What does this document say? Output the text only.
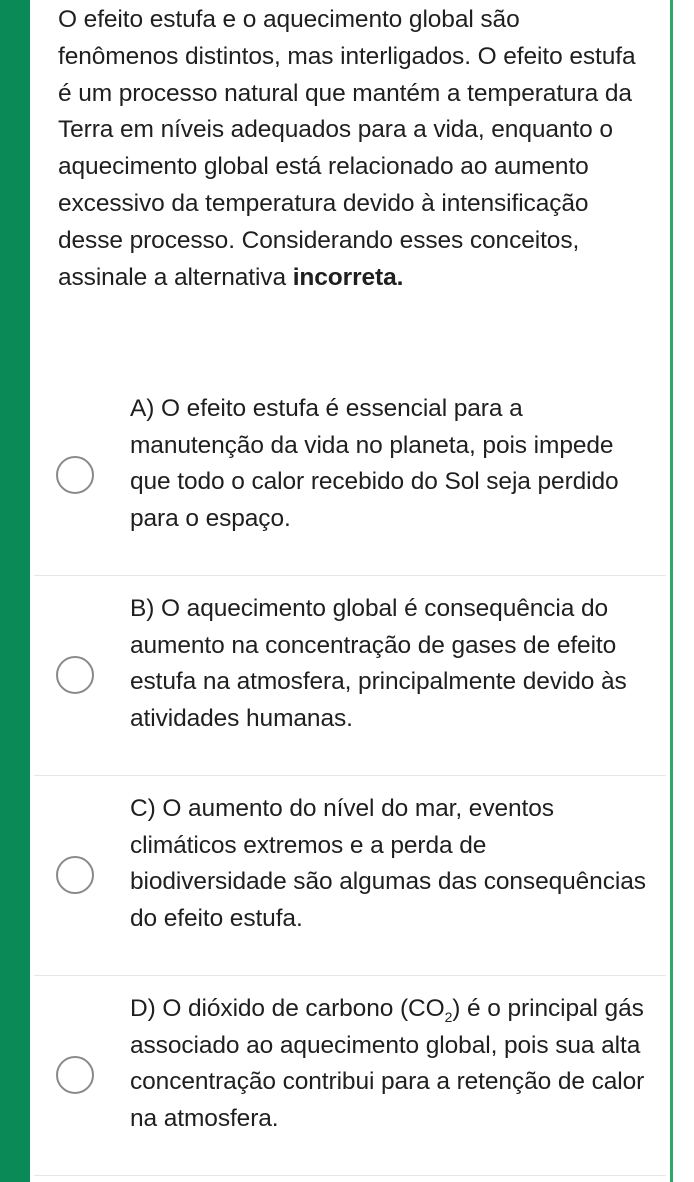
O efeito estufa e o aquecimento global são fenômenos distintos, mas interligados. O efeito estufa é um processo natural que mantém a temperatura da Terra em níveis adequados para a vida, enquanto o aquecimento global está relacionado ao aumento excessivo da temperatura devido à intensificação desse processo. Considerando esses conceitos, assinale a alternativa incorreta.

A) O efeito estufa é essencial para a manutenção da vida no planeta, pois impede que todo o calor recebido do Sol seja perdido para o espaço.
B) O aquecimento global é consequência do aumento na concentração de gases de efeito estufa na atmosfera, principalmente devido às atividades humanas.
C) O aumento do nível do mar, eventos climáticos extremos e a perda de biodiversidade são algumas das consequências do efeito estufa.
D) O dióxido de carbono $(CO_2)$ é o principal gás associado ao aquecimento global, pois sua alta concentração contribui para a retenção de calor na atmosfera.
